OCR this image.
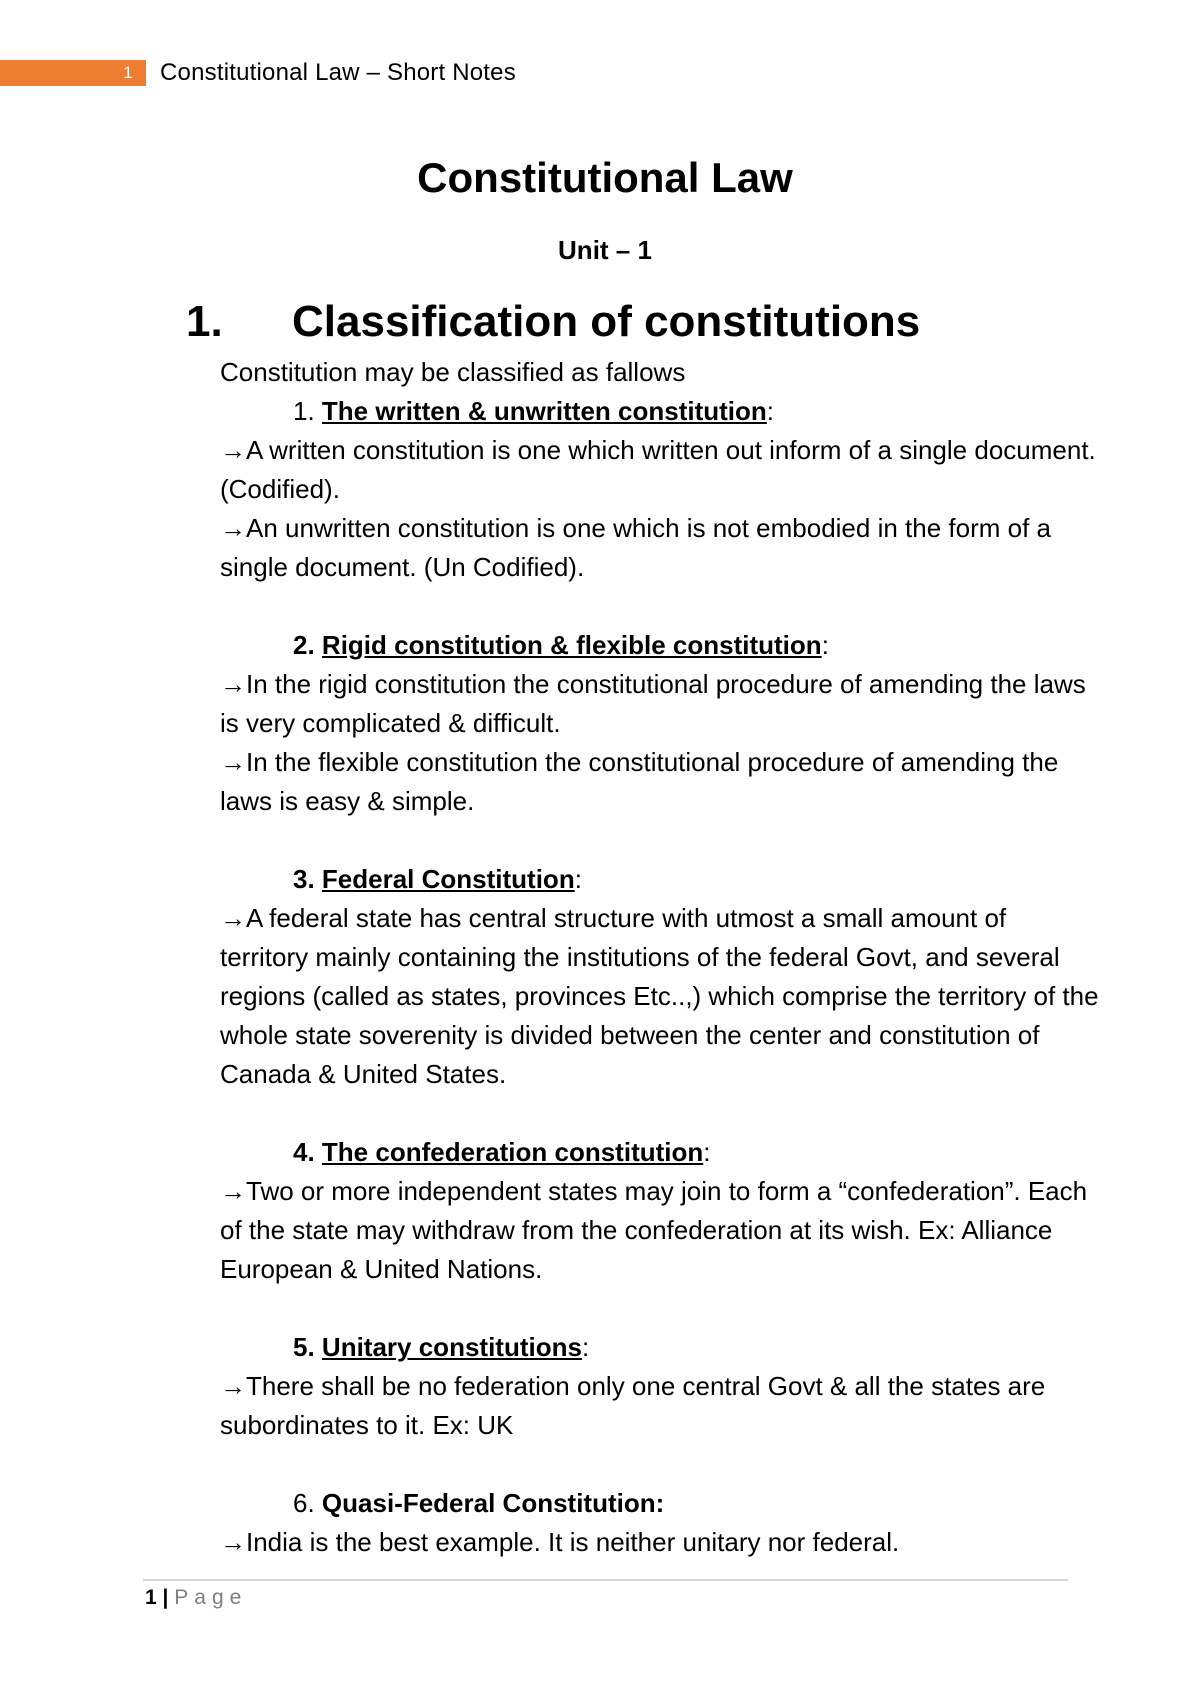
1	Constitutional Law – Short Notes
Constitutional Law
Unit – 1
1. Classification of constitutions

Constitution may be classified as fallows

1. The written & unwritten constitution:

→A written constitution is one which written out inform of a single document. (Codified).

→An unwritten constitution is one which is not embodied in the form of a single document. (Un Codified).

2. Rigid constitution & flexible constitution:

→In the rigid constitution the constitutional procedure of amending the laws is very complicated & difficult.

→In the flexible constitution the constitutional procedure of amending the laws is easy & simple.

3. Federal Constitution:

→A federal state has central structure with utmost a small amount of territory mainly containing the institutions of the federal Govt, and several regions (called as states, provinces Etc..,) which comprise the territory of the whole state soverenity is divided between the center and constitution of Canada & United States.

4. The confederation constitution:

→Two or more independent states may join to form a “confederation”. Each of the state may withdraw from the confederation at its wish. Ex: Alliance European & United Nations.

5. Unitary constitutions:

→There shall be no federation only one central Govt & all the states are subordinates to it. Ex: UK

6. Quasi-Federal Constitution:

→India is the best example. It is neither unitary nor federal.

1 | Page
